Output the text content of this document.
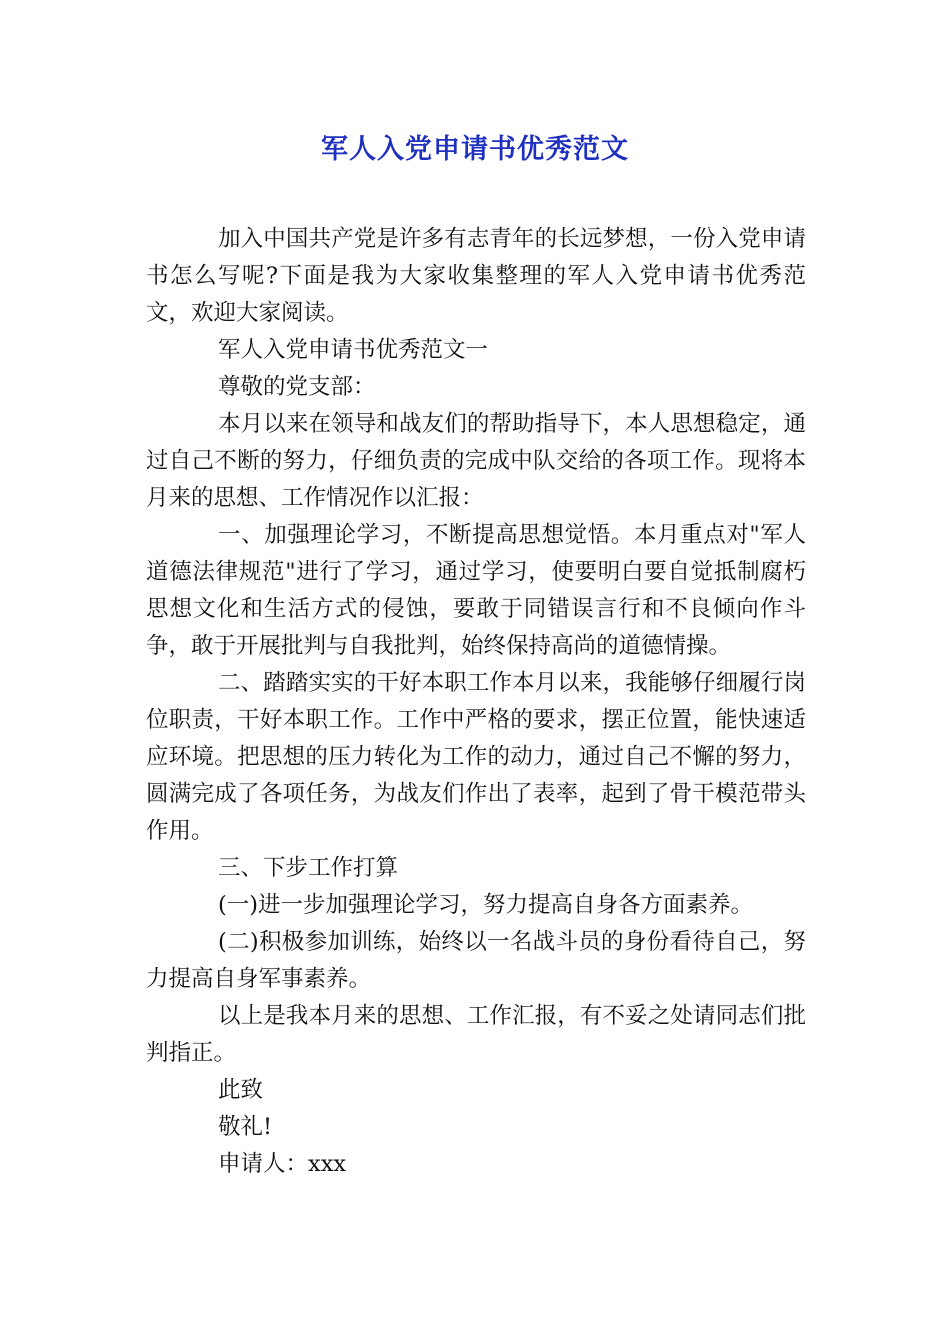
军人入党申请书优秀范文

加入中国共产党是许多有志青年的长远梦想，一份入党申请书怎么写呢?下面是我为大家收集整理的军人入党申请书优秀范文，欢迎大家阅读。

军人入党申请书优秀范文一

尊敬的党支部：

本月以来在领导和战友们的帮助指导下，本人思想稳定，通过自己不断的努力，仔细负责的完成中队交给的各项工作。现将本月来的思想、工作情况作以汇报：

一、加强理论学习，不断提高思想觉悟。本月重点对"军人道德法律规范"进行了学习，通过学习，使要明白要自觉抵制腐朽思想文化和生活方式的侵蚀，要敢于同错误言行和不良倾向作斗争，敢于开展批判与自我批判，始终保持高尚的道德情操。

二、踏踏实实的干好本职工作本月以来，我能够仔细履行岗位职责，干好本职工作。工作中严格的要求，摆正位置，能快速适应环境。把思想的压力转化为工作的动力，通过自己不懈的努力，圆满完成了各项任务，为战友们作出了表率，起到了骨干模范带头作用。

三、下步工作打算

(一)进一步加强理论学习，努力提高自身各方面素养。

(二)积极参加训练，始终以一名战斗员的身份看待自己，努力提高自身军事素养。

以上是我本月来的思想、工作汇报，有不妥之处请同志们批判指正。

此致

敬礼!

申请人：xxx
